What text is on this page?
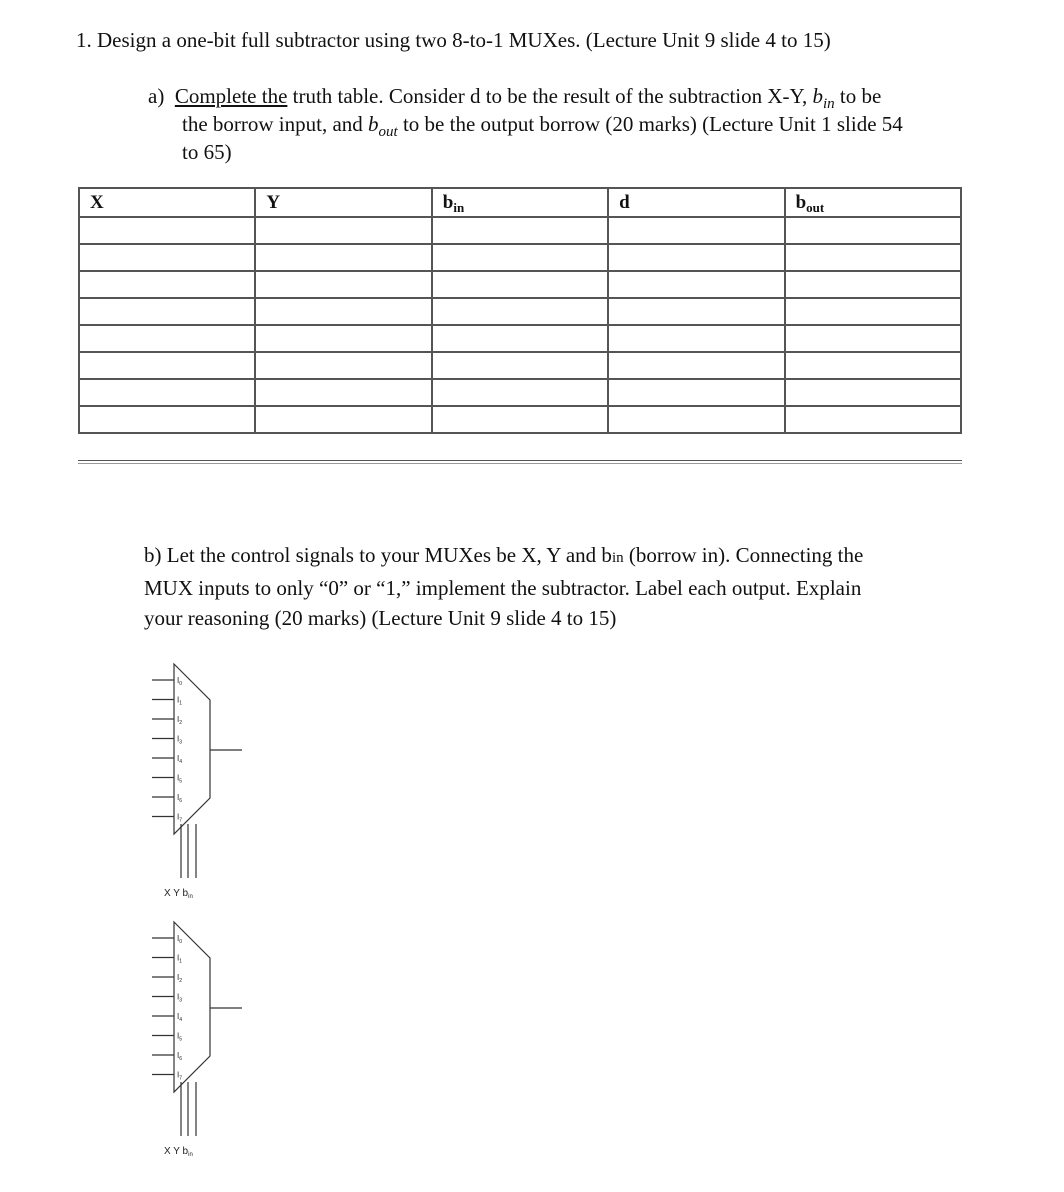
1. Design a one-bit full subtractor using two 8-to-1 MUXes. (Lecture Unit 9 slide 4 to 15)
a) Complete the truth table. Consider d to be the result of the subtraction X-Y, $b_{in}$ to be
the borrow input, and $b_{out}$ to be the output borrow (20 marks) (Lecture Unit 1 slide 54
to 65)
X	Y	$b_{in}$	d	$b_{out}$

b) Let the control signals to your MUXes be X, Y and bin (borrow in). Connecting the
MUX inputs to only “0” or “1,” implement the subtractor. Label each output. Explain
your reasoning (20 marks) (Lecture Unit 9 slide 4 to 15)
$I_0$
$I_1$
$I_2$
$I_3$
$I_4$
$I_5$
$I_6$
$I_7$
X Y $b_{in}$
$I_0$
$I_1$
$I_2$
$I_3$
$I_4$
$I_5$
$I_6$
$I_7$
X Y $b_{in}$
